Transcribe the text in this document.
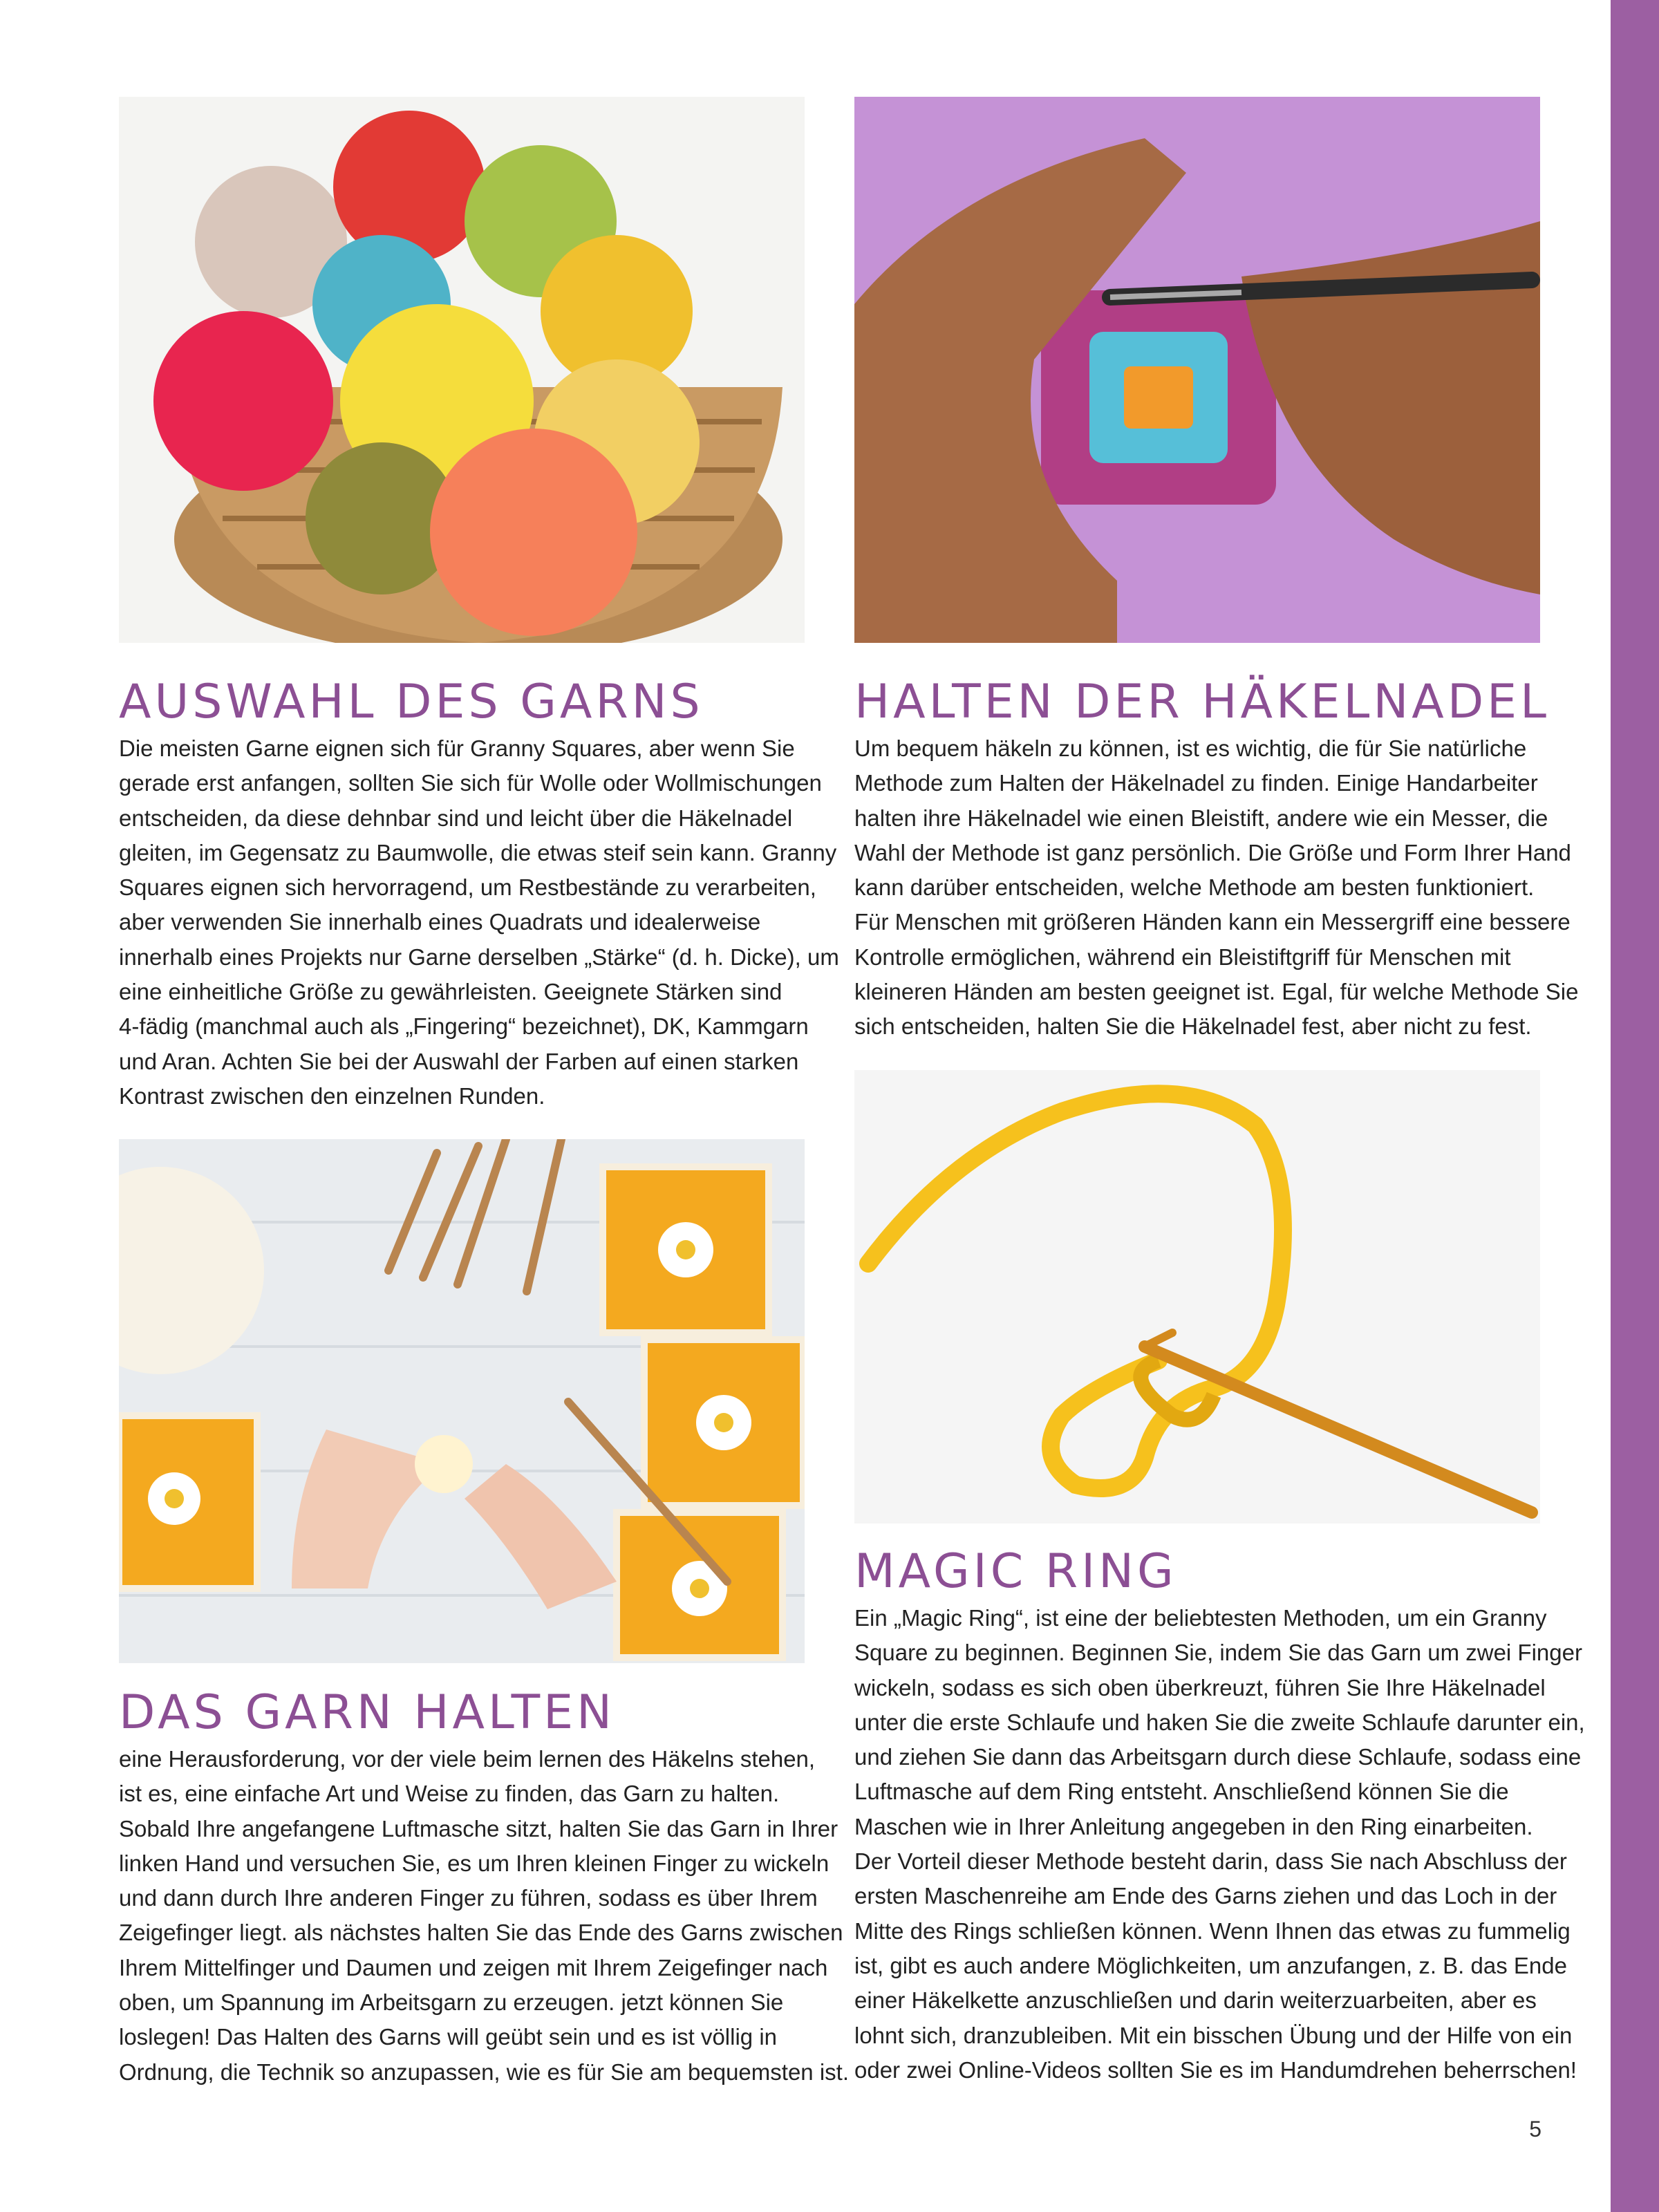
AUSWAHL DES GARNS
Die meisten Garne eignen sich für Granny Squares, aber wenn Sie
gerade erst anfangen, sollten Sie sich für Wolle oder Wollmischungen
entscheiden, da diese dehnbar sind und leicht über die Häkelnadel
gleiten, im Gegensatz zu Baumwolle, die etwas steif sein kann. Granny
Squares eignen sich hervorragend, um Restbestände zu verarbeiten,
aber verwenden Sie innerhalb eines Quadrats und idealerweise
innerhalb eines Projekts nur Garne derselben „Stärke“ (d. h. Dicke), um
eine einheitliche Größe zu gewährleisten. Geeignete Stärken sind
4-fädig (manchmal auch als „Fingering“ bezeichnet), DK, Kammgarn
und Aran. Achten Sie bei der Auswahl der Farben auf einen starken
Kontrast zwischen den einzelnen Runden.
HALTEN DER HÄKELNADEL
Um bequem häkeln zu können, ist es wichtig, die für Sie natürliche
Methode zum Halten der Häkelnadel zu finden. Einige Handarbeiter
halten ihre Häkelnadel wie einen Bleistift, andere wie ein Messer, die
Wahl der Methode ist ganz persönlich. Die Größe und Form Ihrer Hand
kann darüber entscheiden, welche Methode am besten funktioniert.
Für Menschen mit größeren Händen kann ein Messergriff eine bessere
Kontrolle ermöglichen, während ein Bleistiftgriff für Menschen mit
kleineren Händen am besten geeignet ist. Egal, für welche Methode Sie
sich entscheiden, halten Sie die Häkelnadel fest, aber nicht zu fest.
DAS GARN HALTEN
eine Herausforderung, vor der viele beim lernen des Häkelns stehen,
ist es, eine einfache Art und Weise zu finden, das Garn zu halten.
Sobald Ihre angefangene Luftmasche sitzt, halten Sie das Garn in Ihrer
linken Hand und versuchen Sie, es um Ihren kleinen Finger zu wickeln
und dann durch Ihre anderen Finger zu führen, sodass es über Ihrem
Zeigefinger liegt. als nächstes halten Sie das Ende des Garns zwischen
Ihrem Mittelfinger und Daumen und zeigen mit Ihrem Zeigefinger nach
oben, um Spannung im Arbeitsgarn zu erzeugen. jetzt können Sie
loslegen! Das Halten des Garns will geübt sein und es ist völlig in
Ordnung, die Technik so anzupassen, wie es für Sie am bequemsten ist.
MAGIC RING
Ein „Magic Ring“, ist eine der beliebtesten Methoden, um ein Granny
Square zu beginnen. Beginnen Sie, indem Sie das Garn um zwei Finger
wickeln, sodass es sich oben überkreuzt, führen Sie Ihre Häkelnadel
unter die erste Schlaufe und haken Sie die zweite Schlaufe darunter ein,
und ziehen Sie dann das Arbeitsgarn durch diese Schlaufe, sodass eine
Luftmasche auf dem Ring entsteht. Anschließend können Sie die
Maschen wie in Ihrer Anleitung angegeben in den Ring einarbeiten.
Der Vorteil dieser Methode besteht darin, dass Sie nach Abschluss der
ersten Maschenreihe am Ende des Garns ziehen und das Loch in der
Mitte des Rings schließen können. Wenn Ihnen das etwas zu fummelig
ist, gibt es auch andere Möglichkeiten, um anzufangen, z. B. das Ende
einer Häkelkette anzuschließen und darin weiterzuarbeiten, aber es
lohnt sich, dranzubleiben. Mit ein bisschen Übung und der Hilfe von ein
oder zwei Online-Videos sollten Sie es im Handumdrehen beherrschen!
5
